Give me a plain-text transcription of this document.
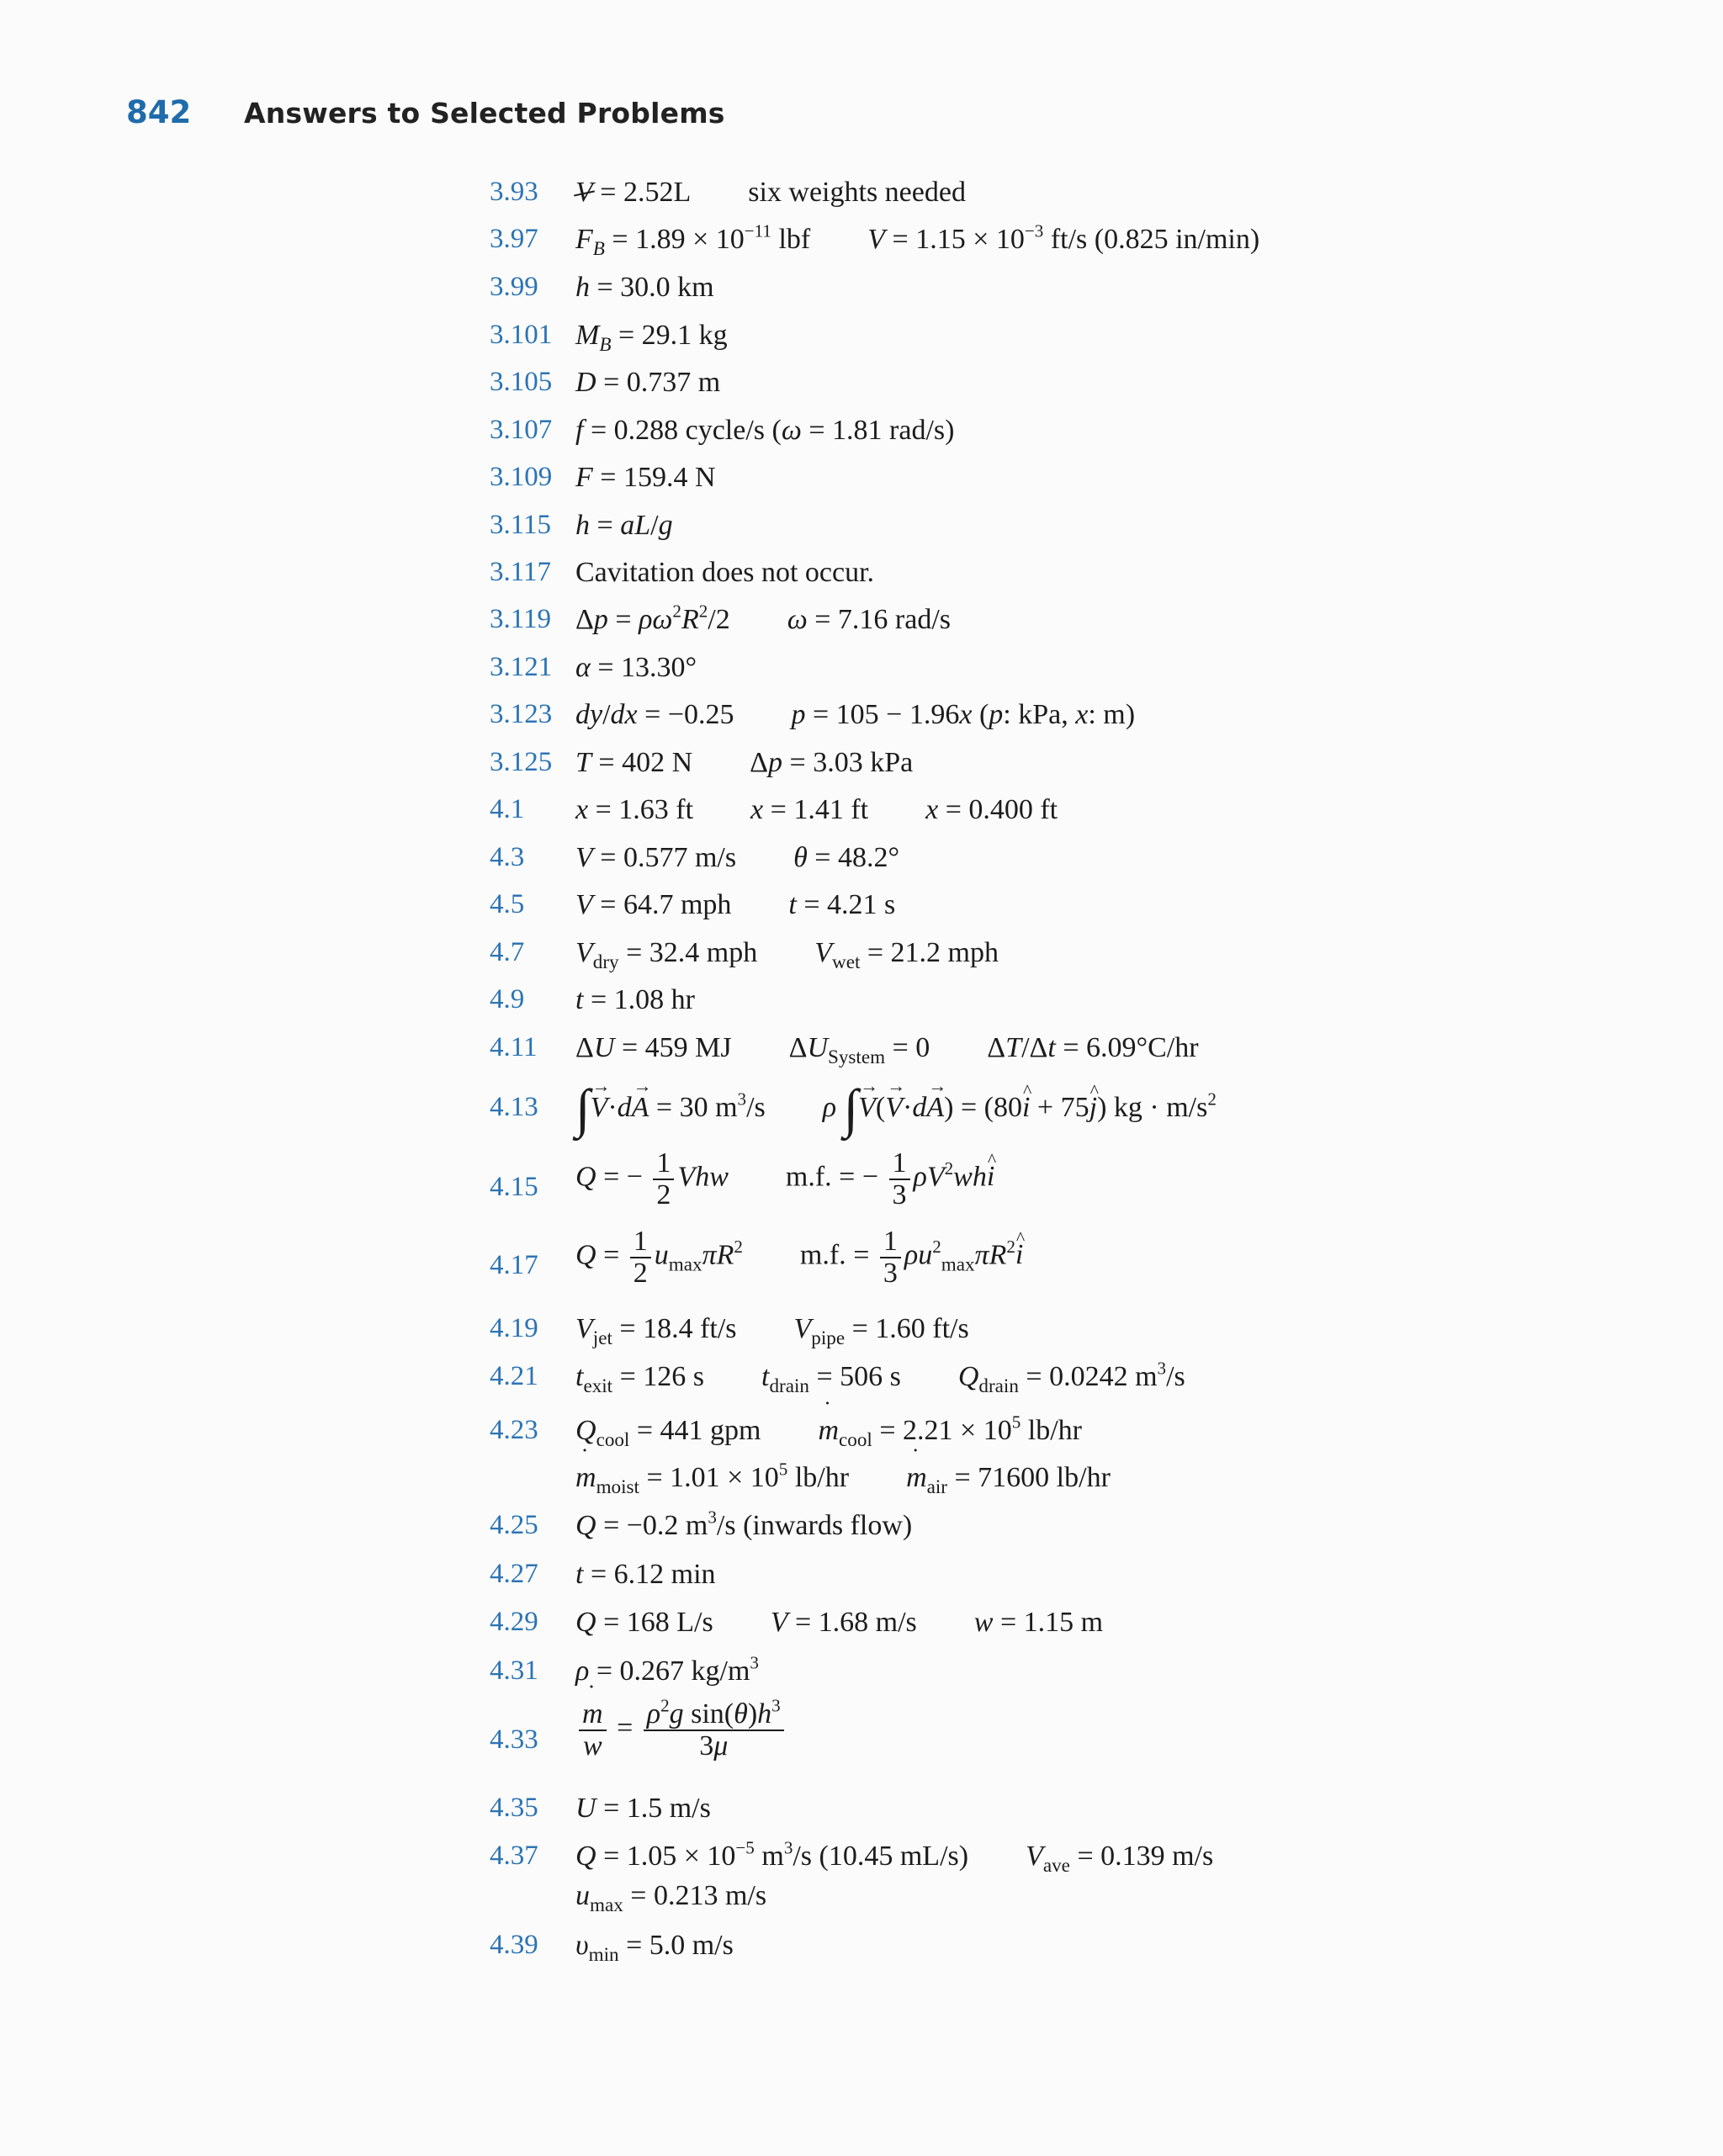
842	Answers to Selected Problems
3.93 V = 2.52L six weights needed
3.97 $F_B = 1.89 \times 10^{-11}$ lbf $V = 1.15 \times 10^{-3}$ ft/s (0.825 in/min)
3.99 h = 30.0 km
3.101 $M_B = 29.1$ kg
3.105 D = 0.737 m
3.107 f = 0.288 cycle/s (ω = 1.81 rad/s)
3.109 F = 159.4 N
3.115 h = aL/g
3.117 Cavitation does not occur.
3.119 $\Delta p = \rho\omega^2R^2/2$ ω = 7.16 rad/s
3.121 α = 13.30°
3.123 dy/dx = −0.25 p = 105 − 1.96x (p: kPa, x: m)
3.125 T = 402 N Δp = 3.03 kPa
4.1 x = 1.63 ft x = 1.41 ft x = 0.400 ft
4.3 V = 0.577 m/s θ = 48.2°
4.5 V = 64.7 mph t = 4.21 s
4.7 $V_{dry} = 32.4$ mph $V_{wet} = 21.2$ mph
4.9 t = 1.08 hr
4.11 ΔU = 459 MJ $\Delta U_{System} = 0$ ΔT/Δt = 6.09°C/hr
4.13 ∫→ V·d→ A = 30 $m^3/s$ ρ ∫→ V(→ V·d→ A) = (80^ i + 75^ j) kg · $m/s^2$
4.15 Q = − $\frac{1}{2}$ Vhw m.f. = − $\frac{1}{3}$ $\rho V^2wh\^{}$ i
4.17 $Q = \frac{1}{2} u_{max}\pi R^2$ m.f. = $\frac{1}{3}$ $\rho u^2_{max}\pi R^2\^{}$ i
4.19 $V_{jet} = 18.4$ ft/s $V_{pipe} = 1.60$ ft/s
4.21 $t_{exit} = 126$ s $t_{drain} = 506$ s $Q_{drain} = 0.0242$ $m^3/s$
4.23 $Q_{cool} = 441$ gpm ˙ $m_{cool} = 2.21 \times 10^5$ lb/hr
˙ $m_{moist} = 1.01 \times 10^5$ lb/hr ˙ $m_{air} = 71600$ lb/hr
4.25 Q = −0.2 $m^3/s$ (inwards flow)
4.27 t = 6.12 min
4.29 Q = 168 L/s V = 1.68 m/s w = 1.15 m
4.31 ρ = 0.267 $kg/m^3$
4.33 ˙ $\frac{m}{w} = \frac{\rho^2g \sin(\theta)h^3}{3\mu}$
4.35 U = 1.5 m/s
4.37 $Q = 1.05 \times 10^{-5}$ $m^3/s$ (10.45 mL/s) $V_{ave} = 0.139$ m/s
$u_{max} = 0.213$ m/s
4.39 $\upsilon_{min} = 5.0$ m/s
